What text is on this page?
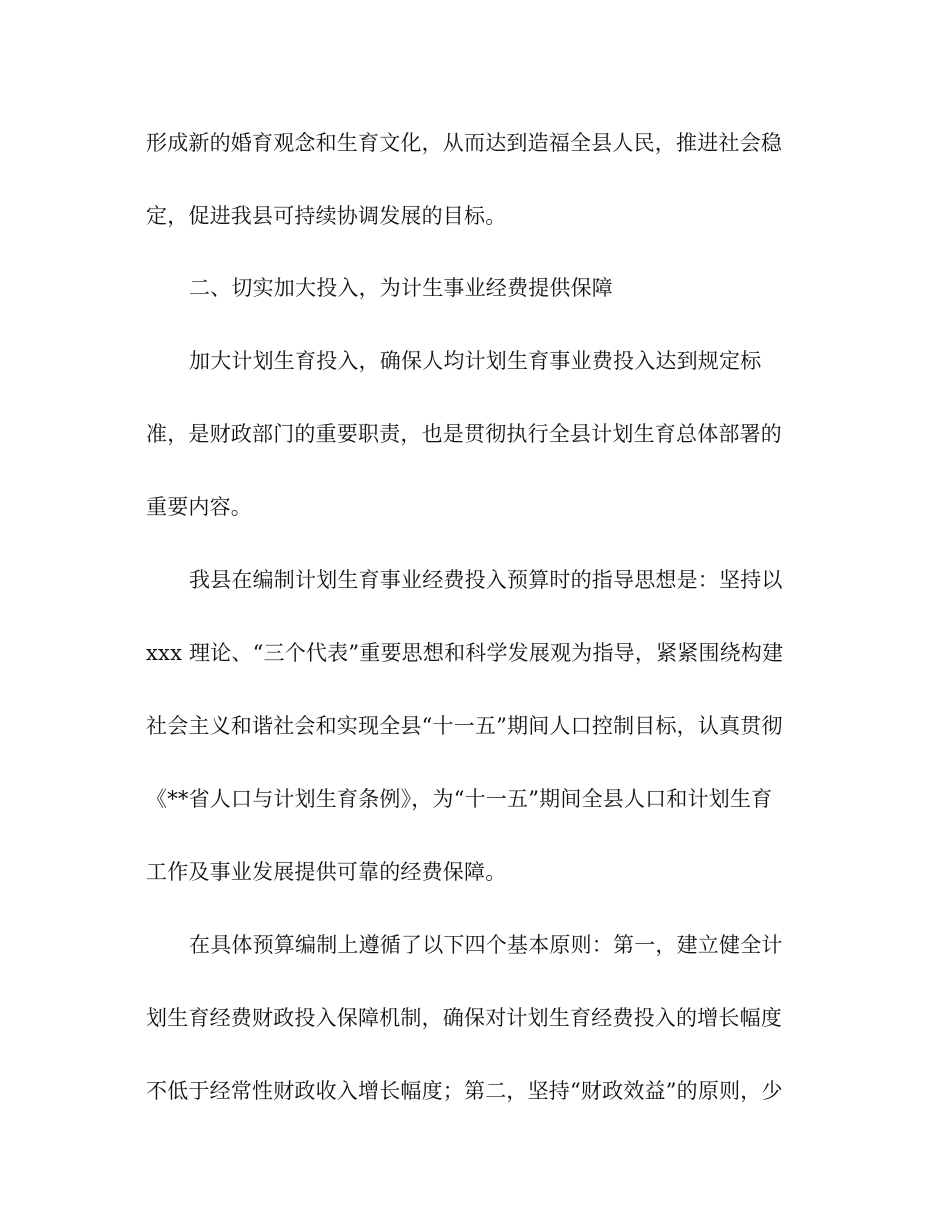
形成新的婚育观念和生育文化，从而达到造福全县人民，推进社会稳
定，促进我县可持续协调发展的目标。
二、切实加大投入，为计生事业经费提供保障
加大计划生育投入，确保人均计划生育事业费投入达到规定标
准，是财政部门的重要职责，也是贯彻执行全县计划生育总体部署的
重要内容。
我县在编制计划生育事业经费投入预算时的指导思想是：坚持以
xxx 理论、“三个代表”重要思想和科学发展观为指导，紧紧围绕构建
社会主义和谐社会和实现全县“十一五”期间人口控制目标，认真贯彻
《**省人口与计划生育条例》，为“十一五”期间全县人口和计划生育
工作及事业发展提供可靠的经费保障。
在具体预算编制上遵循了以下四个基本原则：第一，建立健全计
划生育经费财政投入保障机制，确保对计划生育经费投入的增长幅度
不低于经常性财政收入增长幅度；第二，坚持“财政效益”的原则，少
